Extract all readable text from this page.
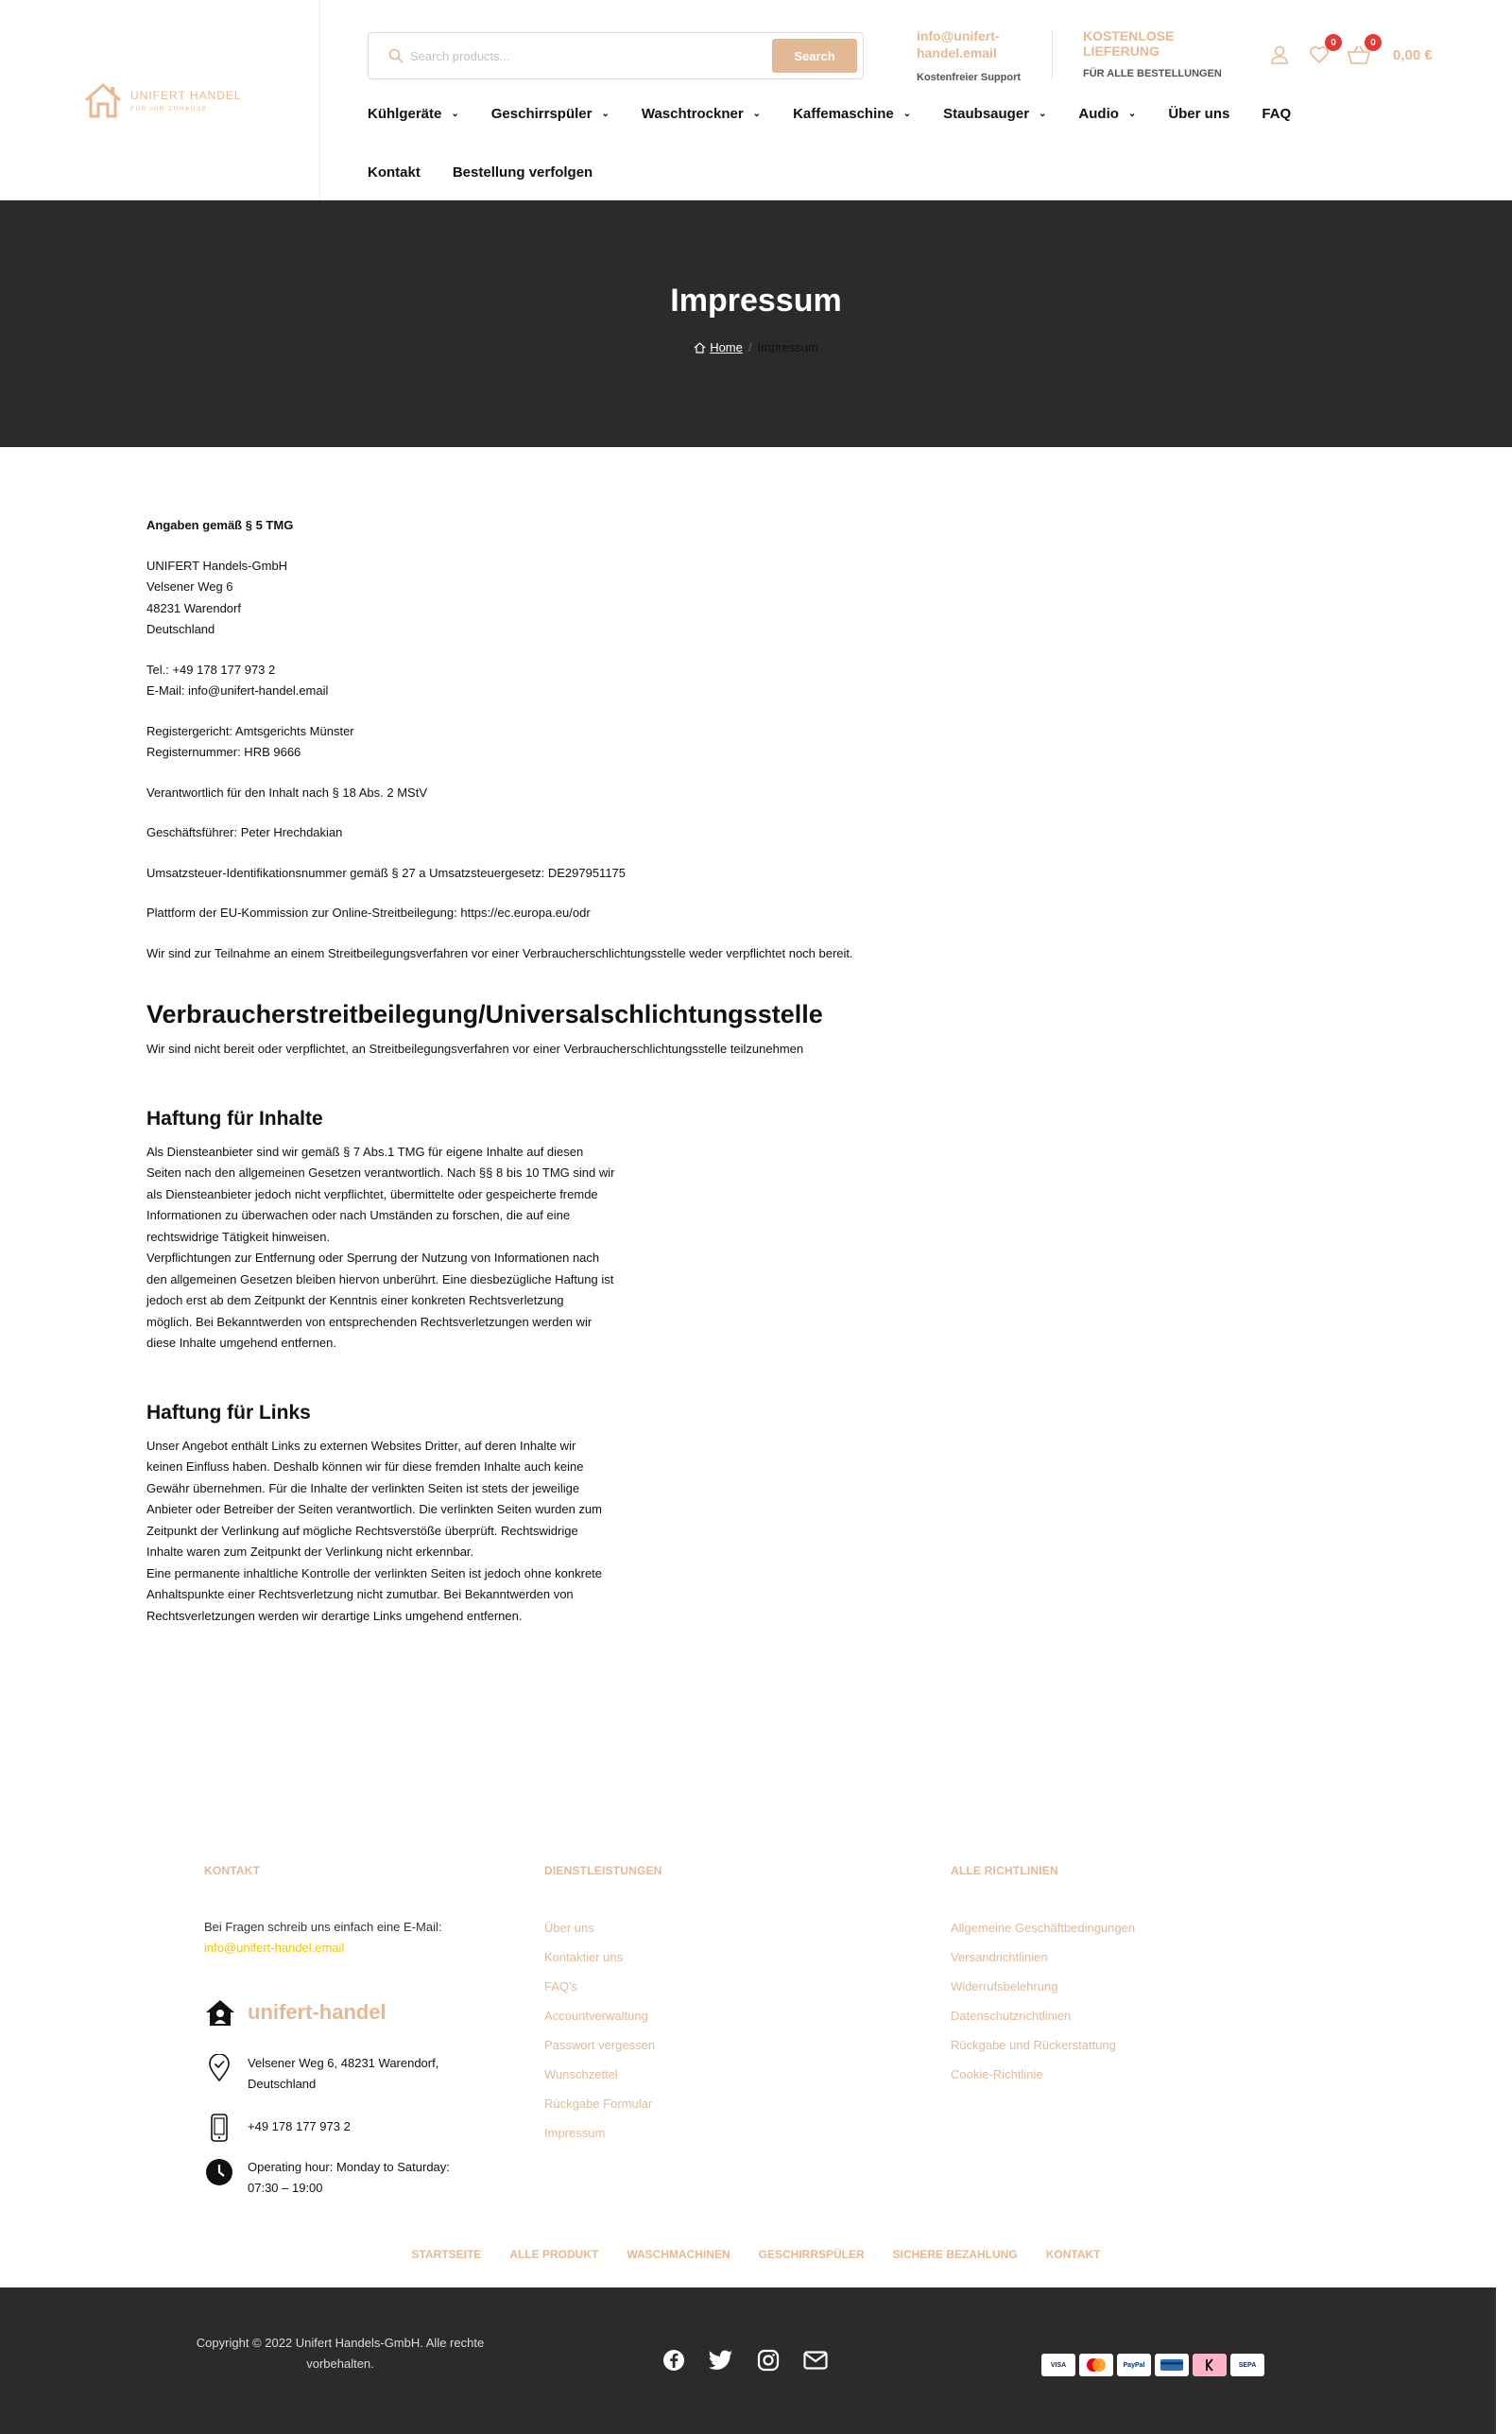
UNIFERT HANDEL
FÜR IHR ZUHAUSE
Search products...
Search
info@unifert-handel.email
Kostenfreier Support
KOSTENLOSE LIEFERUNG
FÜR ALLE BESTELLUNGEN
0	0
0,00 €
Kühlgeräte ⌄ Geschirrspüler ⌄ Waschtrockner ⌄ Kaffemaschine ⌄ Staubsauger ⌄ Audio ⌄ Über uns FAQ
Kontakt Bestellung verfolgen
Impressum
Home / Impressum

Angaben gemäß § 5 TMG

UNIFERT Handels-GmbH

Velsener Weg 6

48231 Warendorf

Deutschland

Tel.: +49 178 177 973 2

E-Mail: info@unifert-handel.email

Registergericht: Amtsgerichts Münster

Registernummer: HRB 9666

Verantwortlich für den Inhalt nach § 18 Abs. 2 MStV

Geschäftsführer: Peter Hrechdakian

Umsatzsteuer-Identifikationsnummer gemäß § 27 a Umsatzsteuergesetz: DE297951175

Plattform der EU-Kommission zur Online-Streitbeilegung: https://ec.europa.eu/odr

Wir sind zur Teilnahme an einem Streitbeilegungsverfahren vor einer Verbraucherschlichtungsstelle weder verpflichtet noch bereit.

Verbraucherstreitbeilegung/Universalschlichtungsstelle

Wir sind nicht bereit oder verpflichtet, an Streitbeilegungsverfahren vor einer Verbraucherschlichtungsstelle teilzunehmen

Haftung für Inhalte

Als Diensteanbieter sind wir gemäß § 7 Abs.1 TMG für eigene Inhalte auf diesen

Seiten nach den allgemeinen Gesetzen verantwortlich. Nach §§ 8 bis 10 TMG sind wir

als Diensteanbieter jedoch nicht verpflichtet, übermittelte oder gespeicherte fremde

Informationen zu überwachen oder nach Umständen zu forschen, die auf eine

rechtswidrige Tätigkeit hinweisen.

Verpflichtungen zur Entfernung oder Sperrung der Nutzung von Informationen nach

den allgemeinen Gesetzen bleiben hiervon unberührt. Eine diesbezügliche Haftung ist

jedoch erst ab dem Zeitpunkt der Kenntnis einer konkreten Rechtsverletzung

möglich. Bei Bekanntwerden von entsprechenden Rechtsverletzungen werden wir

diese Inhalte umgehend entfernen.

Haftung für Links

Unser Angebot enthält Links zu externen Websites Dritter, auf deren Inhalte wir

keinen Einfluss haben. Deshalb können wir für diese fremden Inhalte auch keine

Gewähr übernehmen. Für die Inhalte der verlinkten Seiten ist stets der jeweilige

Anbieter oder Betreiber der Seiten verantwortlich. Die verlinkten Seiten wurden zum

Zeitpunkt der Verlinkung auf mögliche Rechtsverstöße überprüft. Rechtswidrige

Inhalte waren zum Zeitpunkt der Verlinkung nicht erkennbar.

Eine permanente inhaltliche Kontrolle der verlinkten Seiten ist jedoch ohne konkrete

Anhaltspunkte einer Rechtsverletzung nicht zumutbar. Bei Bekanntwerden von

Rechtsverletzungen werden wir derartige Links umgehend entfernen.

KONTAKT
Bei Fragen schreib uns einfach eine E-Mail:
info@unifert-handel.email
unifert-handel
Velsener Weg 6, 48231 Warendorf,
Deutschland
+49 178 177 973 2
Operating hour: Monday to Saturday:
07:30 – 19:00
DIENSTLEISTUNGEN
Über uns
Kontaktier uns
FAQ's
Accountverwaltung
Passwort vergessen
Wunschzettel
Rückgabe Formular
Impressum
ALLE RICHTLINIEN
Allgemeine Geschäftbedingungen
Versandrichtlinien
Widerrufsbelehrung
Datenschutzrichtlinien
Rückgabe und Rückerstattung
Cookie-Richtlinie
STARTSEITE	ALLE PRODUKT	WASCHMACHINEN	GESCHIRRSPÜLER	SICHERE BEZAHLUNG	KONTAKT
Copyright © 2022 Unifert Handels-GmbH. Alle rechte
vorbehalten.	VISA	PayPal	SEPA
